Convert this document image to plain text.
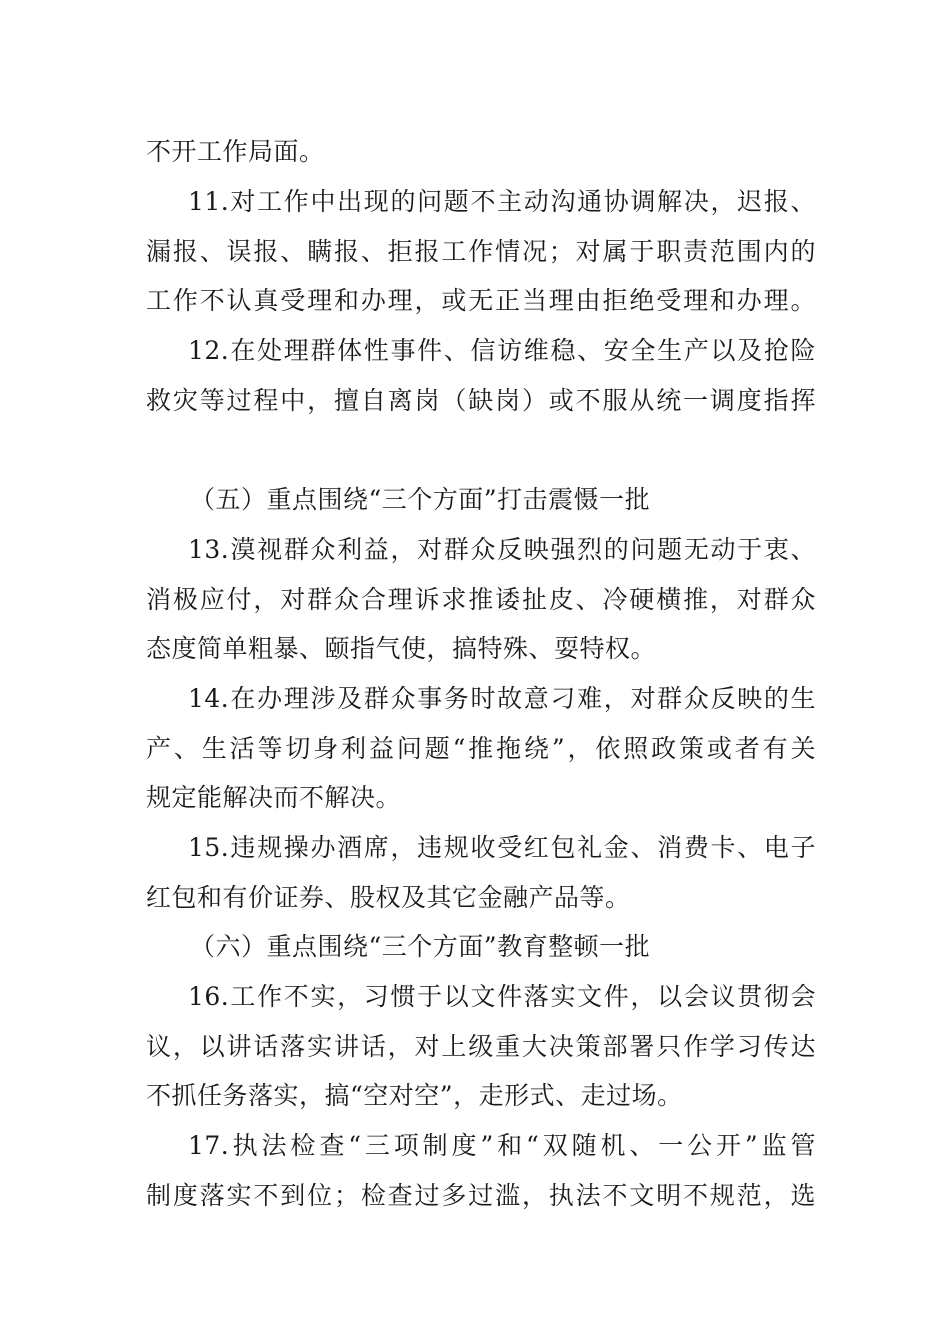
不开工作局面。
11.对工作中出现的问题不主动沟通协调解决，迟报、
漏报、误报、瞒报、拒报工作情况；对属于职责范围内的
工作不认真受理和办理，或无正当理由拒绝受理和办理。
12.在处理群体性事件、信访维稳、安全生产以及抢险
救灾等过程中，擅自离岗（缺岗）或不服从统一调度指挥
（五）重点围绕“三个方面”打击震慑一批
13.漠视群众利益，对群众反映强烈的问题无动于衷、
消极应付，对群众合理诉求推诿扯皮、冷硬横推，对群众
态度简单粗暴、颐指气使，搞特殊、耍特权。
14.在办理涉及群众事务时故意刁难，对群众反映的生
产、生活等切身利益问题“推拖绕”，依照政策或者有关
规定能解决而不解决。
15.违规操办酒席，违规收受红包礼金、消费卡、电子
红包和有价证券、股权及其它金融产品等。
（六）重点围绕“三个方面”教育整顿一批
16.工作不实，习惯于以文件落实文件，以会议贯彻会
议，以讲话落实讲话，对上级重大决策部署只作学习传达
不抓任务落实，搞“空对空”，走形式、走过场。
17.执法检查“三项制度”和“双随机、一公开”监管
制度落实不到位；检查过多过滥，执法不文明不规范，选
